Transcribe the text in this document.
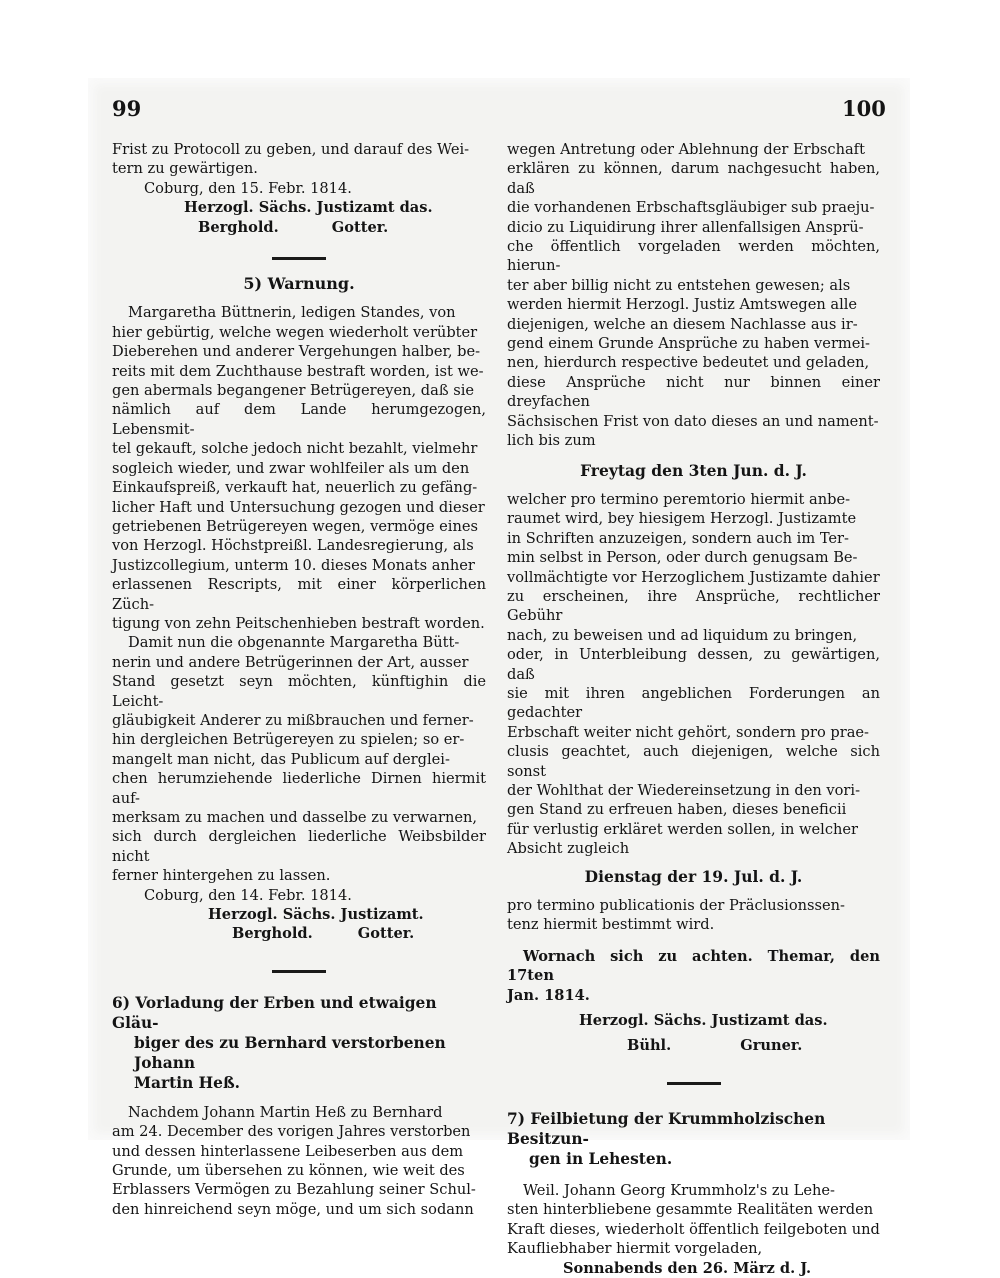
99	100

Frist zu Protocoll zu geben, und darauf des Wei-

tern zu gewärtigen.

Coburg, den 15. Febr. 1814.

Herzogl. Sächs. Justizamt das.

Berghold. Gotter.

5) Warnung.

Margaretha Büttnerin, ledigen Standes, von

hier gebürtig, welche wegen wiederholt verübter

Dieberehen und anderer Vergehungen halber, be-

reits mit dem Zuchthause bestraft worden, ist we-

gen abermals begangener Betrügereyen, daß sie

nämlich auf dem Lande herumgezogen, Lebensmit-

tel gekauft, solche jedoch nicht bezahlt, vielmehr

sogleich wieder, und zwar wohlfeiler als um den

Einkaufspreiß, verkauft hat, neuerlich zu gefäng-

licher Haft und Untersuchung gezogen und dieser

getriebenen Betrügereyen wegen, vermöge eines

von Herzogl. Höchstpreißl. Landesregierung, als

Justizcollegium, unterm 10. dieses Monats anher

erlassenen Rescripts, mit einer körperlichen Züch-

tigung von zehn Peitschenhieben bestraft worden.

Damit nun die obgenannte Margaretha Bütt-

nerin und andere Betrügerinnen der Art, ausser

Stand gesetzt seyn möchten, künftighin die Leicht-

gläubigkeit Anderer zu mißbrauchen und ferner-

hin dergleichen Betrügereyen zu spielen; so er-

mangelt man nicht, das Publicum auf derglei-

chen herumziehende liederliche Dirnen hiermit auf-

merksam zu machen und dasselbe zu verwarnen,

sich durch dergleichen liederliche Weibsbilder nicht

ferner hintergehen zu lassen.

Coburg, den 14. Febr. 1814.

Herzogl. Sächs. Justizamt.

Berghold. Gotter.

6) Vorladung der Erben und etwaigen Gläu-

biger des zu Bernhard verstorbenen Johann

Martin Heß.

Nachdem Johann Martin Heß zu Bernhard

am 24. December des vorigen Jahres verstorben

und dessen hinterlassene Leibeserben aus dem

Grunde, um übersehen zu können, wie weit des

Erblassers Vermögen zu Bezahlung seiner Schul-

den hinreichend seyn möge, und um sich sodann

wegen Antretung oder Ablehnung der Erbschaft

erklären zu können, darum nachgesucht haben, daß

die vorhandenen Erbschaftsgläubiger sub praeju-

dicio zu Liquidirung ihrer allenfallsigen Ansprü-

che öffentlich vorgeladen werden möchten, hierun-

ter aber billig nicht zu entstehen gewesen; als

werden hiermit Herzogl. Justiz Amtswegen alle

diejenigen, welche an diesem Nachlasse aus ir-

gend einem Grunde Ansprüche zu haben vermei-

nen, hierdurch respective bedeutet und geladen,

diese Ansprüche nicht nur binnen einer dreyfachen

Sächsischen Frist von dato dieses an und nament-

lich bis zum

Freytag den 3ten Jun. d. J.

welcher pro termino peremtorio hiermit anbe-

raumet wird, bey hiesigem Herzogl. Justizamte

in Schriften anzuzeigen, sondern auch im Ter-

min selbst in Person, oder durch genugsam Be-

vollmächtigte vor Herzoglichem Justizamte dahier

zu erscheinen, ihre Ansprüche, rechtlicher Gebühr

nach, zu beweisen und ad liquidum zu bringen,

oder, in Unterbleibung dessen, zu gewärtigen, daß

sie mit ihren angeblichen Forderungen an gedachter

Erbschaft weiter nicht gehört, sondern pro prae-

clusis geachtet, auch diejenigen, welche sich sonst

der Wohlthat der Wiedereinsetzung in den vori-

gen Stand zu erfreuen haben, dieses beneficii

für verlustig erkläret werden sollen, in welcher

Absicht zugleich

Dienstag der 19. Jul. d. J.

pro termino publicationis der Präclusionssen-

tenz hiermit bestimmt wird.

Wornach sich zu achten. Themar, den 17ten

Jan. 1814.

Herzogl. Sächs. Justizamt das.

Bühl. Gruner.

7) Feilbietung der Krummholzischen Besitzun-

gen in Lehesten.

Weil. Johann Georg Krummholz's zu Lehe-

sten hinterbliebene gesammte Realitäten werden

Kraft dieses, wiederholt öffentlich feilgeboten und

Kaufliebhaber hiermit vorgeladen,

Sonnabends den 26. März d. J.
